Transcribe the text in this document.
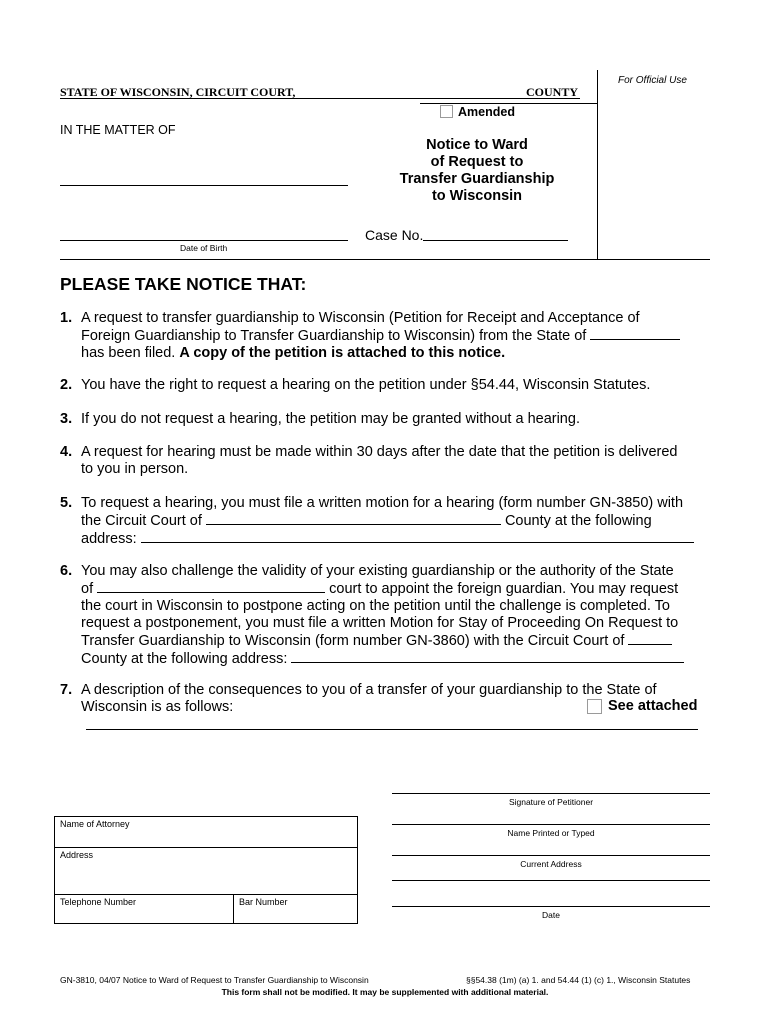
For Official Use
STATE OF WISCONSIN, CIRCUIT COURT,	COUNTY
Amended
IN THE MATTER OF
Date of Birth
Notice to Ward
of Request to
Transfer Guardianship
to Wisconsin
Case No.
PLEASE TAKE NOTICE THAT:
1. A request to transfer guardianship to Wisconsin (Petition for Receipt and Acceptance of
Foreign Guardianship to Transfer Guardianship to Wisconsin) from the State of
has been filed. A copy of the petition is attached to this notice.
2. You have the right to request a hearing on the petition under §54.44, Wisconsin Statutes.
3. If you do not request a hearing, the petition may be granted without a hearing.
4. A request for hearing must be made within 30 days after the date that the petition is delivered
to you in person.
5. To request a hearing, you must file a written motion for a hearing (form number GN-3850) with
the Circuit Court of	County at the following
address:
6. You may also challenge the validity of your existing guardianship or the authority of the State
of	court to appoint the foreign guardian. You may request
the court in Wisconsin to postpone acting on the petition until the challenge is completed. To
request a postponement, you must file a written Motion for Stay of Proceeding On Request to
Transfer Guardianship to Wisconsin (form number GN-3860) with the Circuit Court of
County at the following address:
7. A description of the consequences to you of a transfer of your guardianship to the State of
Wisconsin is as follows:	See attached
Name of Attorney
Address
Telephone Number	Bar Number
Signature of Petitioner
Name Printed or Typed
Current Address
Date
GN-3810, 04/07 Notice to Ward of Request to Transfer Guardianship to Wisconsin	§§54.38 (1m) (a) 1. and 54.44 (1) (c) 1., Wisconsin Statutes
This form shall not be modified. It may be supplemented with additional material.
